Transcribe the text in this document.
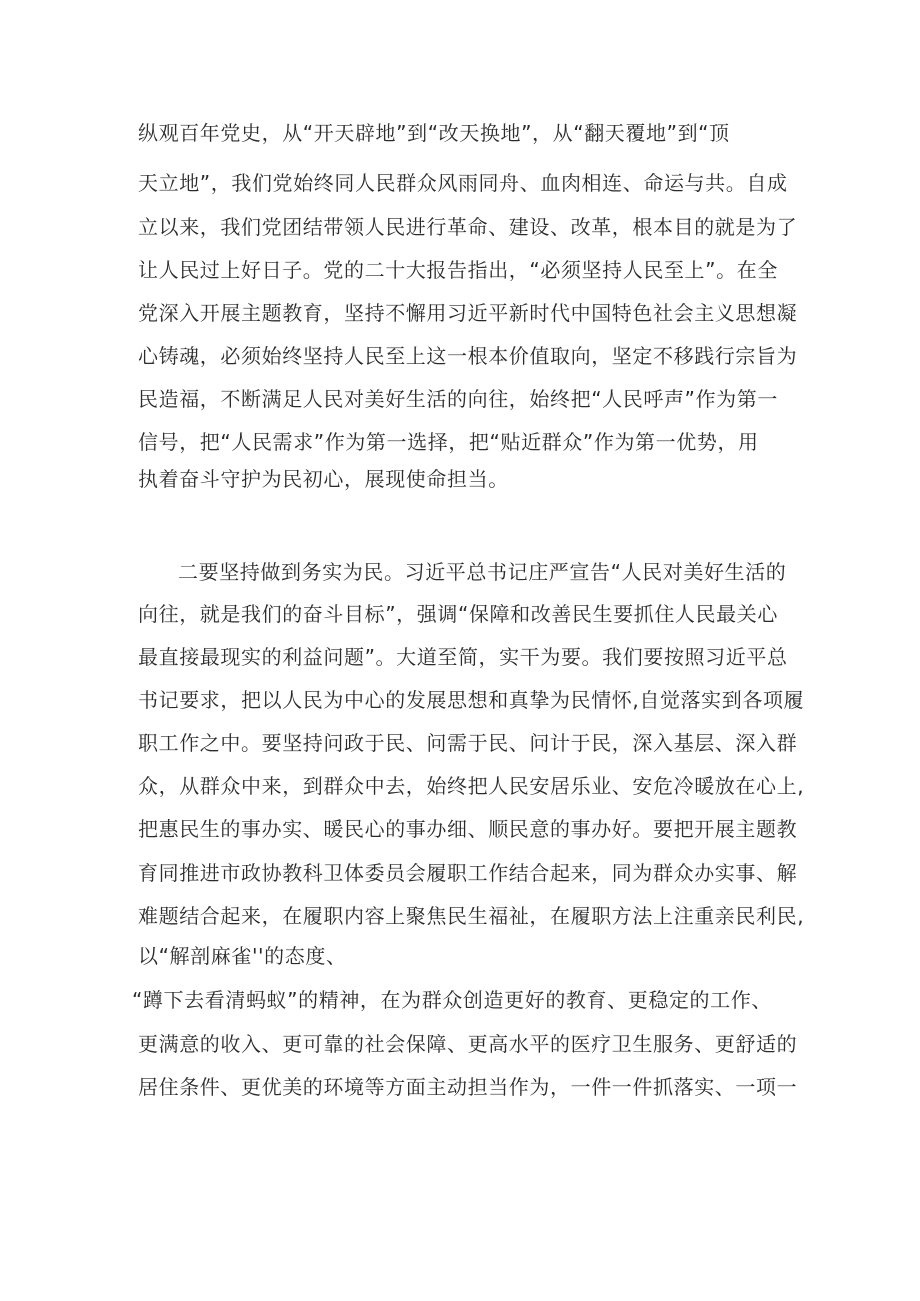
纵观百年党史，从“开天辟地”到“改天换地”，从“翻天覆地”到“顶
天立地”，我们党始终同人民群众风雨同舟、血肉相连、命运与共。自成
立以来，我们党团结带领人民进行革命、建设、改革，根本目的就是为了
让人民过上好日子。党的二十大报告指出，“必须坚持人民至上”。在全
党深入开展主题教育，坚持不懈用习近平新时代中国特色社会主义思想凝
心铸魂，必须始终坚持人民至上这一根本价值取向，坚定不移践行宗旨为
民造福，不断满足人民对美好生活的向往，始终把“人民呼声”作为第一
信号，把“人民需求”作为第一选择，把“贴近群众”作为第一优势，用
执着奋斗守护为民初心，展现使命担当。
二要坚持做到务实为民。习近平总书记庄严宣告“人民对美好生活的
向往，就是我们的奋斗目标”，强调“保障和改善民生要抓住人民最关心
最直接最现实的利益问题”。大道至简，实干为要。我们要按照习近平总
书记要求，把以人民为中心的发展思想和真挚为民情怀,自觉落实到各项履
职工作之中。要坚持问政于民、问需于民、问计于民，深入基层、深入群
众，从群众中来，到群众中去，始终把人民安居乐业、安危冷暖放在心上,
把惠民生的事办实、暖民心的事办细、顺民意的事办好。要把开展主题教
育同推进市政协教科卫体委员会履职工作结合起来，同为群众办实事、解
难题结合起来，在履职内容上聚焦民生福祉，在履职方法上注重亲民利民,
以“解剖麻雀''的态度、
“蹲下去看清蚂蚁”的精神，在为群众创造更好的教育、更稳定的工作、
更满意的收入、更可靠的社会保障、更高水平的医疗卫生服务、更舒适的
居住条件、更优美的环境等方面主动担当作为，一件一件抓落实、一项一
